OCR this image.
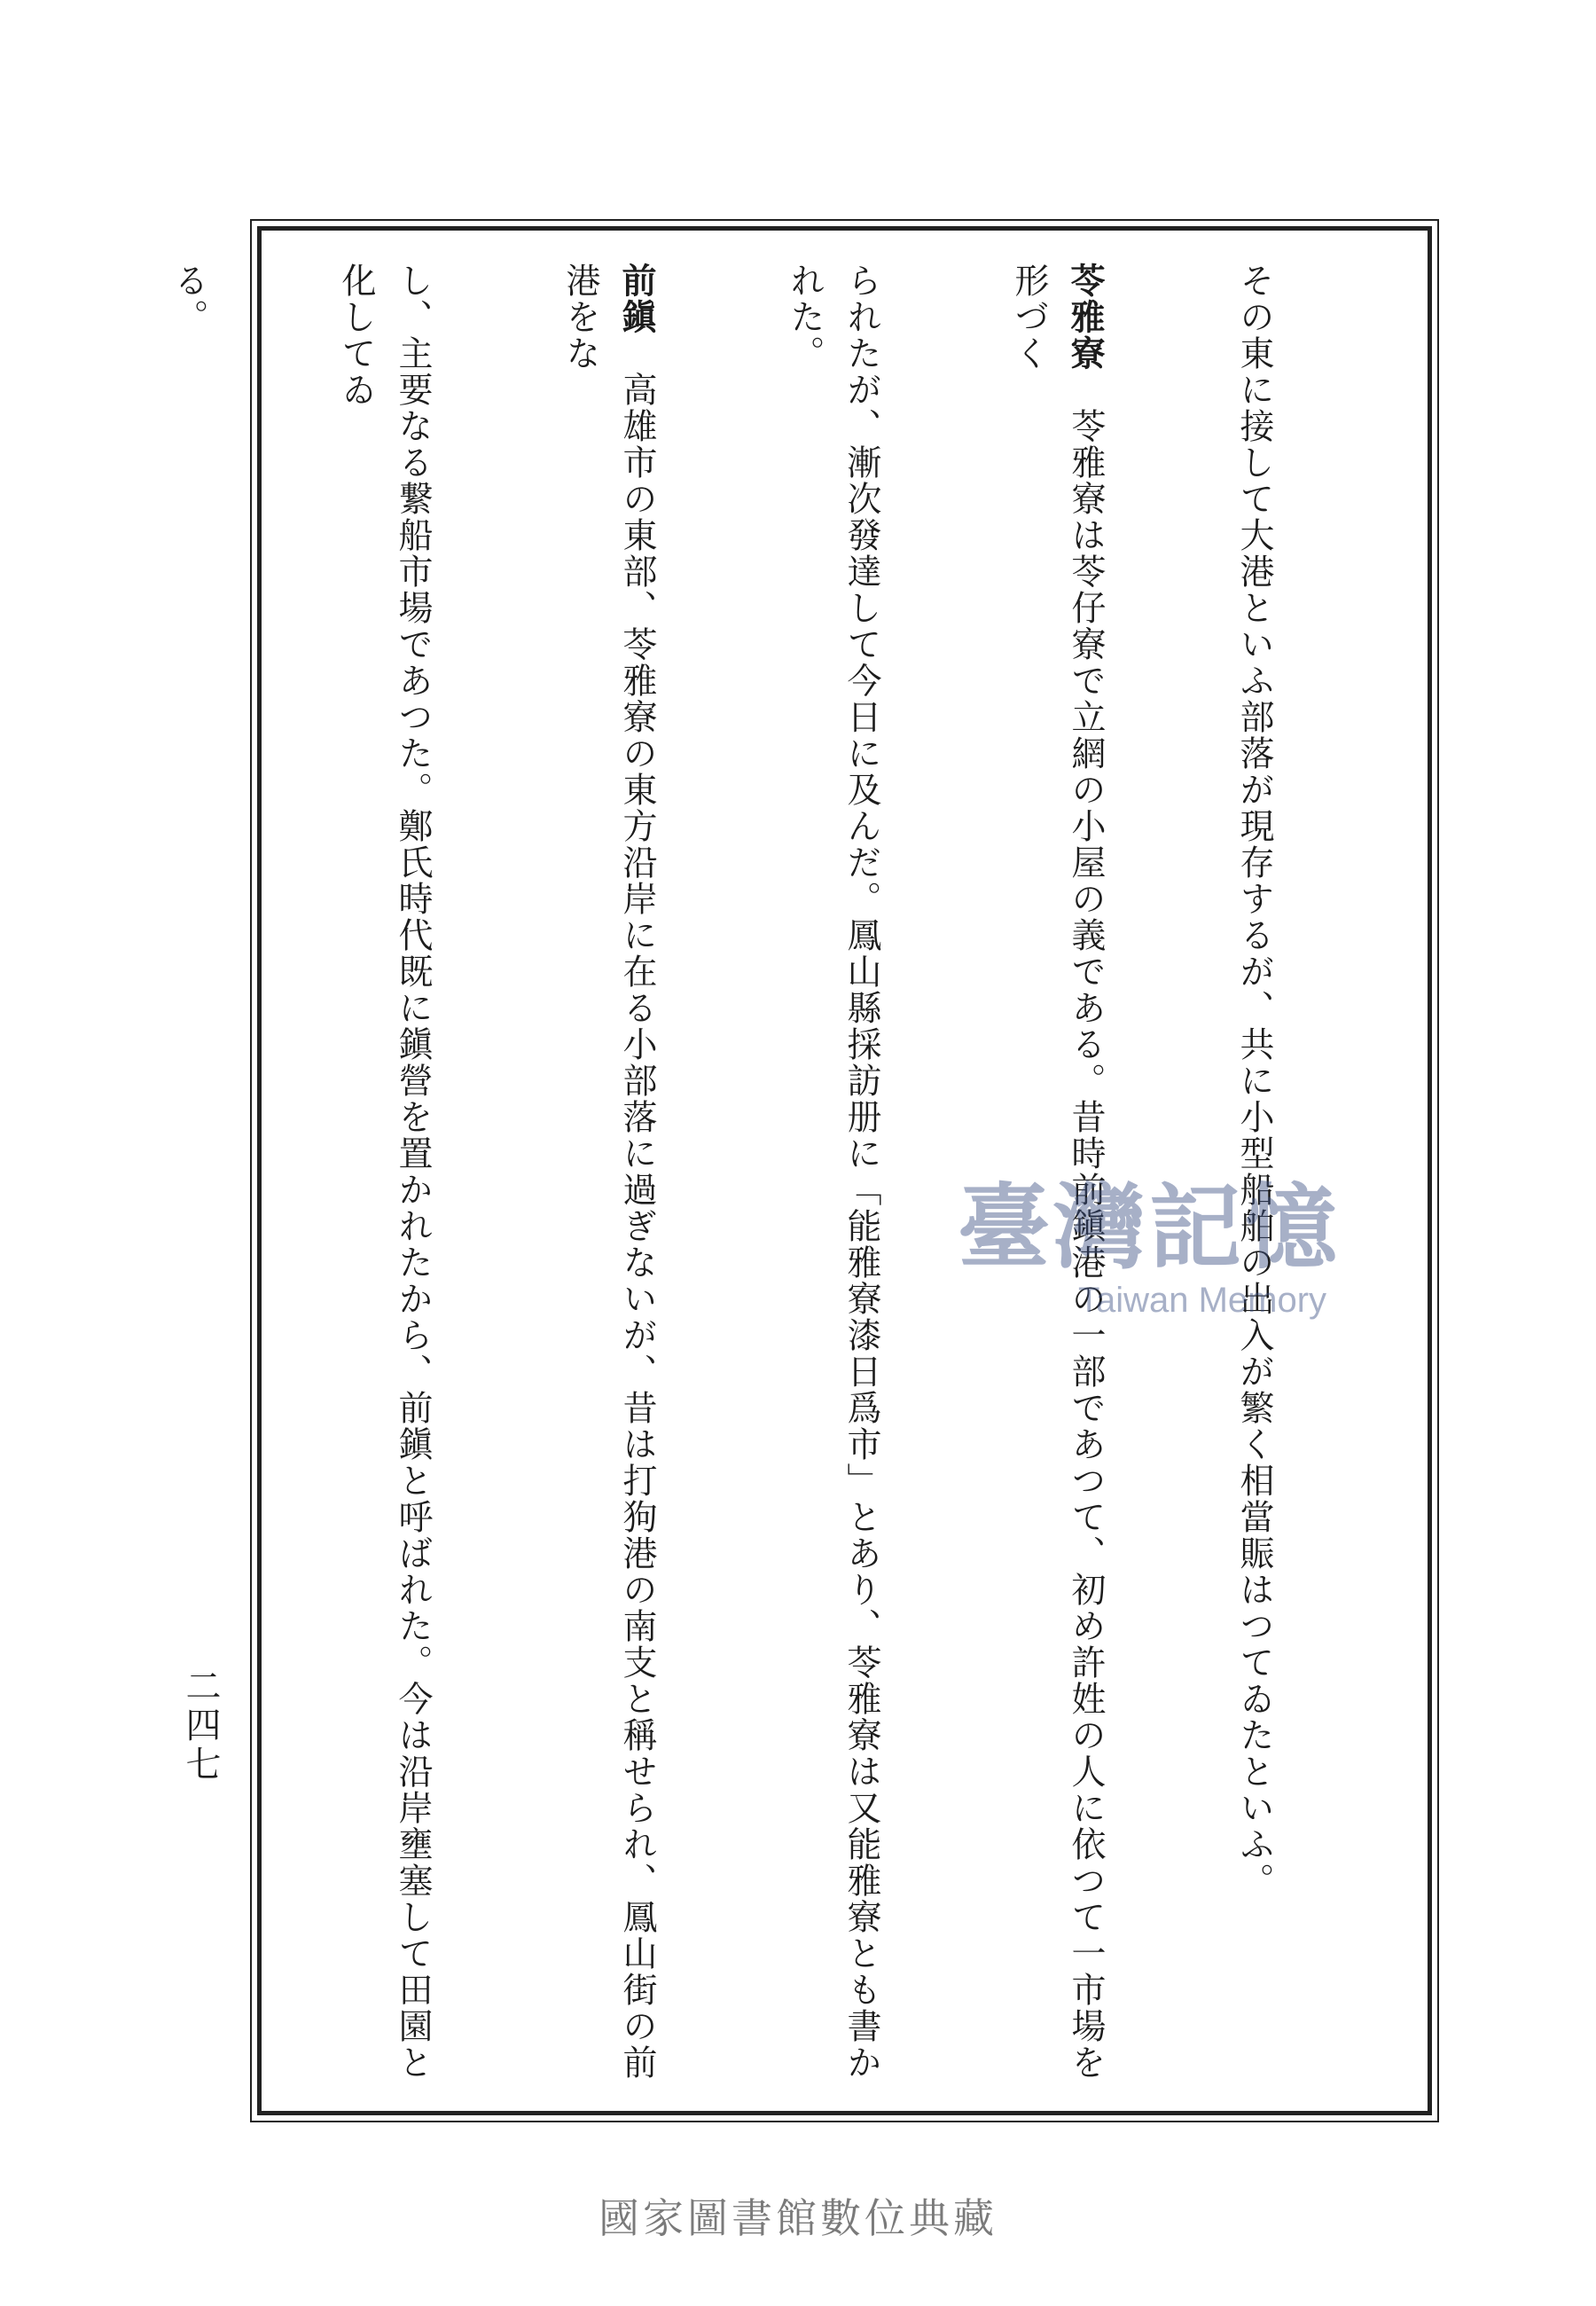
その東に接して大港といふ部落が現存するが、共に小型船舶の出入が繁く相當賑はつてゐたといふ。

苓雅寮　苓雅寮は苓仔寮で立網の小屋の義である。昔時前鎭港の一部であつて、初め許姓の人に依つて一市場を形づく

られたが、漸次發達して今日に及んだ。鳳山縣採訪册に「能雅寮漆日爲市」とあり、苓雅寮は又能雅寮とも書かれた。

前鎭　高雄市の東部、苓雅寮の東方沿岸に在る小部落に過ぎないが、昔は打狗港の南支と稱せられ、鳳山街の前港をな

し、主要なる繋船市場であつた。鄭氏時代既に鎭營を置かれたから、前鎭と呼ばれた。今は沿岸壅塞して田園と化してゐ

る。

二四七
臺灣記憶
Taiwan Memory
國家圖書館數位典藏
